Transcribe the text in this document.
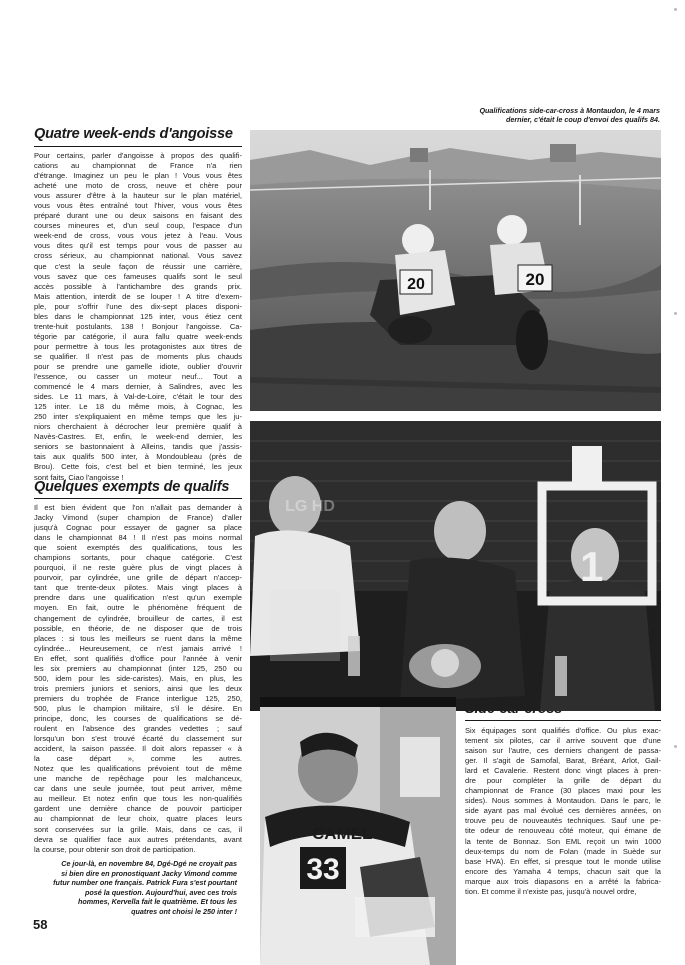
Qualifications side-car-cross à Montaudon, le 4 mars
dernier, c'était le coup d'envoi des qualifs 84.
Quatre week-ends d'angoisse
Pour certains, parler d'angoisse à propos des qualifi-
cations au championnat de France n'a rien
d'étrange. Imaginez un peu le plan ! Vous vous êtes
acheté une moto de cross, neuve et chère pour
vous assurer d'être à la hauteur sur le plan matériel,
vous vous êtes entraîné tout l'hiver, vous vous êtes
préparé durant une ou deux saisons en faisant des
courses mineures et, d'un seul coup, l'espace d'un
week-end de cross, vous vous jetez à l'eau. Vous
vous dites qu'il est temps pour vous de passer au
cross sérieux, au championnat national. Vous savez
que c'est la seule façon de réussir une carrière,
vous savez que ces fameuses qualifs sont le seul
accès possible à l'antichambre des grands prix.
Mais attention, interdit de se louper ! A titre d'exem-
ple, pour s'offrir l'une des dix-sept places disponi-
bles dans le championnat 125 inter, vous étiez cent
trente-huit postulants. 138 ! Bonjour l'angoisse. Ca-
tégorie par catégorie, il aura fallu quatre week-ends
pour permettre à tous les protagonistes aux titres de
se qualifier. Il n'est pas de moments plus chauds
pour se prendre une gamelle idiote, oublier d'ouvrir
l'essence, ou casser un moteur neuf... Tout a
commencé le 4 mars dernier, à Salindres, avec les
sides. Le 11 mars, à Val-de-Loire, c'était le tour des
125 inter. Le 18 du même mois, à Cognac, les
250 inter s'expliquaient en même temps que les ju-
niors cherchaient à décrocher leur première qualif à
Navès-Castres. Et, enfin, le week-end dernier, les
seniors se bastonnaient à Alleins, tandis que j'assis-
tais aux qualifs 500 inter, à Mondoubleau (près de
Brou). Cette fois, c'est bel et bien terminé, les jeux
sont faits. Ciao l'angoisse !
Quelques exempts de qualifs
Il est bien évident que l'on n'allait pas demander à
Jacky Vimond (super champion de France) d'aller
jusqu'à Cognac pour essayer de gagner sa place
dans le championnat 84 ! Il n'est pas moins normal
que soient exemptés des qualifications, tous les
champions sortants, pour chaque catégorie. C'est
pourquoi, il ne reste guère plus de vingt places à
pourvoir, par cylindrée, une grille de départ n'accep-
tant que trente-deux pilotes. Mais vingt places à
prendre dans une qualification n'est qu'un exemple
moyen. En fait, outre le phénomène fréquent de
changement de cylindrée, brouilleur de cartes, il est
possible, en théorie, de ne disposer que de trois
places : si tous les meilleurs se ruent dans la même
cylindrée... Heureusement, ce n'est jamais arrivé !
En effet, sont qualifiés d'office pour l'année à venir
les six premiers au championnat (inter 125, 250 ou
500, idem pour les side-caristes). Mais, en plus, les
trois premiers juniors et seniors, ainsi que les deux
premiers du trophée de France interligue 125, 250,
500, plus le champion militaire, s'il le désire. En
principe, donc, les courses de qualifications se dé-
roulent en l'absence des grandes vedettes ; sauf
lorsqu'un bon s'est trouvé écarté du classement sur
accident, la saison passée. Il doit alors repasser « à
la case départ », comme les autres.
Notez que les qualifications prévoient tout de même
une manche de repêchage pour les malchanceux,
car dans une seule journée, tout peut arriver, même
au meilleur. Et notez enfin que tous les non-qualifiés
gardent une dernière chance de pouvoir participer
au championnat de leur choix, quatre places leurs
sont conservées sur la grille. Mais, dans ce cas, il
devra se qualifier face aux autres prétendants, avant
la course, pour obtenir son droit de participation.
Six équipages sont qualifiés d'office. Ou plus exac-
tement six pilotes, car il arrive souvent que d'une
saison sur l'autre, ces derniers changent de passa-
ger. Il s'agit de Samofal, Barat, Bréant, Arlot, Gail-
lard et Cavalerie. Restent donc vingt places à pren-
dre pour compléter la grille de départ du
championnat de France (30 places maxi pour les
sides). Nous sommes à Montaudon. Dans le parc, le
side ayant pas mal évolué ces dernières années, on
trouve peu de nouveautés techniques. Sauf une pe-
tite odeur de renouveau côté moteur, qui émane de
la tente de Bonnaz. Son EML reçoit un twin 1000
deux-temps du nom de Folan (made in Suède sur
base HVA). En effet, si presque tout le monde utilise
encore des Yamaha 4 temps, chacun sait que la
marque aux trois diapasons en a arrêté la fabrica-
tion. Et comme il n'existe pas, jusqu'à nouvel ordre,
Ce jour-là, en novembre 84, Dgé-Dgé ne croyait pas
si bien dire en pronostiquant Jacky Vimond comme
futur number one français. Patrick Fura s'est pourtant
posé la question. Aujourd'hui, avec ces trois
hommes, Kervella fait le quatrième. Et tous les
quatres ont choisi le 250 inter !
58
20
20
1
LG HD
CAMEL
33
